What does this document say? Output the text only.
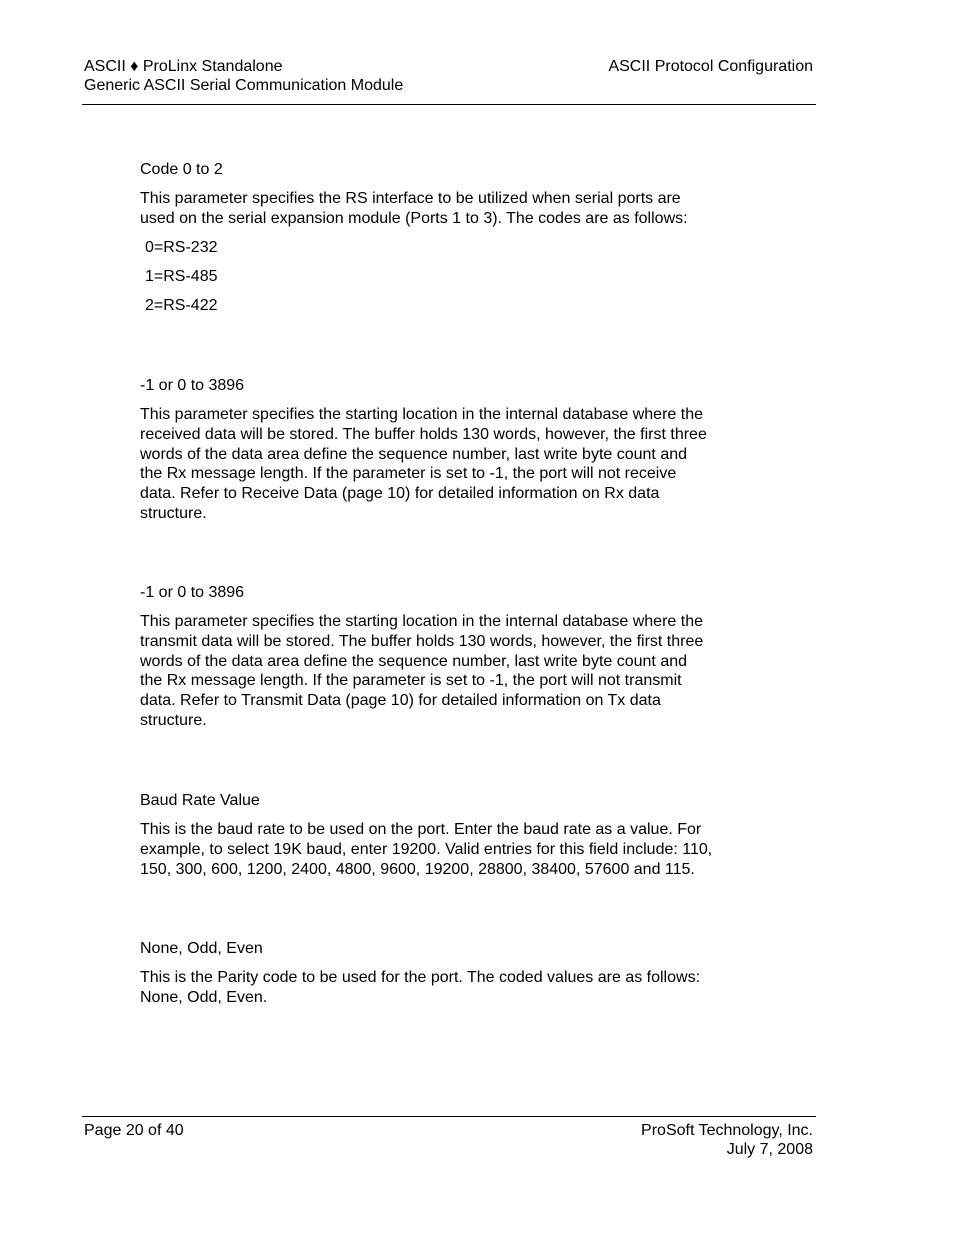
ASCII ♦ ProLinx Standalone
Generic ASCII Serial Communication Module
ASCII Protocol Configuration

Code 0 to 2

This parameter specifies the RS interface to be utilized when serial ports are
used on the serial expansion module (Ports 1 to 3). The codes are as follows:

0=RS-232
1=RS-485
2=RS-422

-1 or 0 to 3896

This parameter specifies the starting location in the internal database where the
received data will be stored. The buffer holds 130 words, however, the first three
words of the data area define the sequence number, last write byte count and
the Rx message length. If the parameter is set to -1, the port will not receive
data. Refer to Receive Data (page 10) for detailed information on Rx data
structure.

-1 or 0 to 3896

This parameter specifies the starting location in the internal database where the
transmit data will be stored. The buffer holds 130 words, however, the first three
words of the data area define the sequence number, last write byte count and
the Rx message length. If the parameter is set to -1, the port will not transmit
data. Refer to Transmit Data (page 10) for detailed information on Tx data
structure.

Baud Rate Value

This is the baud rate to be used on the port. Enter the baud rate as a value. For
example, to select 19K baud, enter 19200. Valid entries for this field include: 110,
150, 300, 600, 1200, 2400, 4800, 9600, 19200, 28800, 38400, 57600 and 115.

None, Odd, Even

This is the Parity code to be used for the port. The coded values are as follows:
None, Odd, Even.

Page 20 of 40	ProSoft Technology, Inc.
July 7, 2008
